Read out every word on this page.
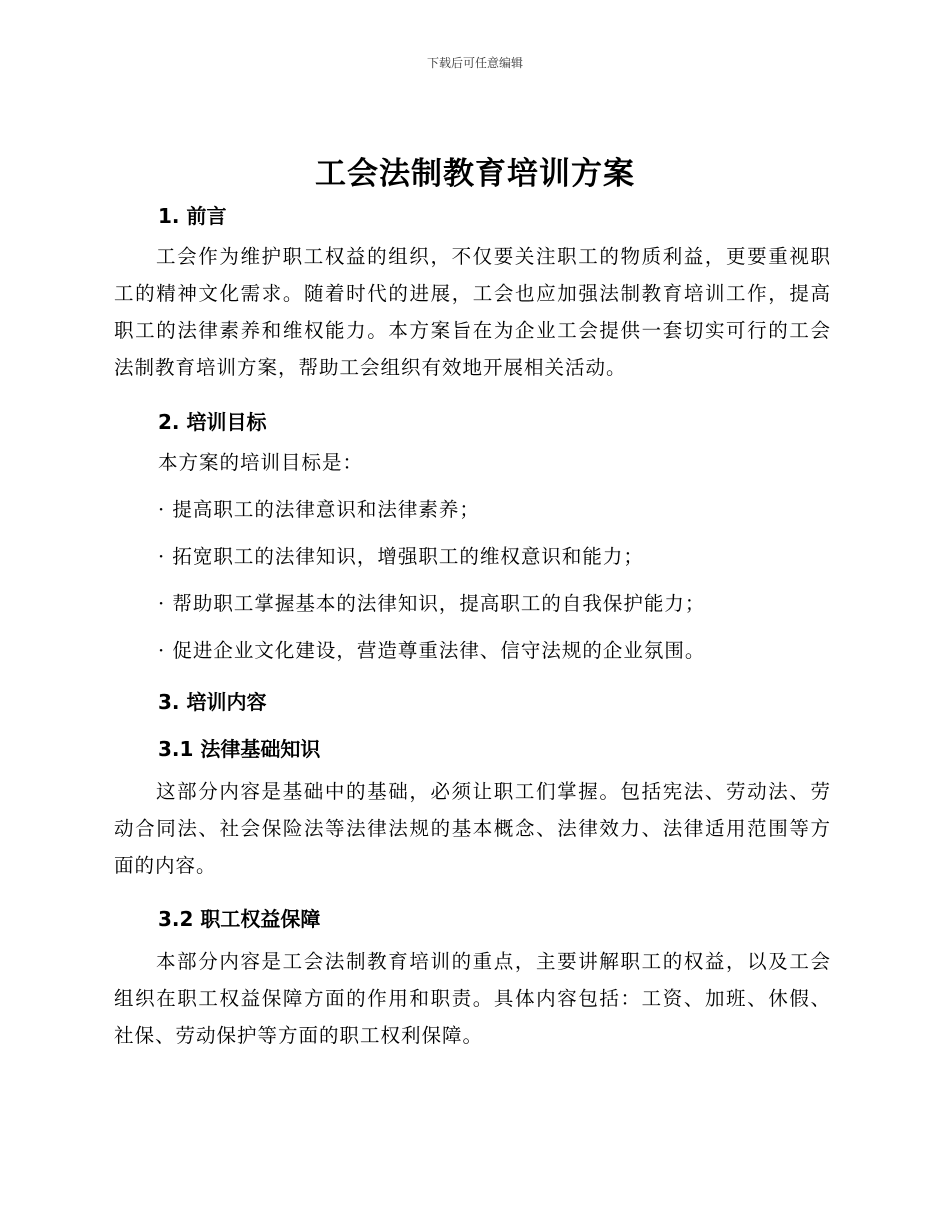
下载后可任意编辑
工会法制教育培训方案
1. 前言

工会作为维护职工权益的组织，不仅要关注职工的物质利益，更要重视职工的精神文化需求。随着时代的进展，工会也应加强法制教育培训工作，提高职工的法律素养和维权能力。本方案旨在为企业工会提供一套切实可行的工会法制教育培训方案，帮助工会组织有效地开展相关活动。

2. 培训目标

本方案的培训目标是：

· 提高职工的法律意识和法律素养；

· 拓宽职工的法律知识，增强职工的维权意识和能力；

· 帮助职工掌握基本的法律知识，提高职工的自我保护能力；

· 促进企业文化建设，营造尊重法律、信守法规的企业氛围。

3. 培训内容
3.1 法律基础知识

这部分内容是基础中的基础，必须让职工们掌握。包括宪法、劳动法、劳动合同法、社会保险法等法律法规的基本概念、法律效力、法律适用范围等方面的内容。

3.2 职工权益保障

本部分内容是工会法制教育培训的重点，主要讲解职工的权益，以及工会组织在职工权益保障方面的作用和职责。具体内容包括：工资、加班、休假、社保、劳动保护等方面的职工权利保障。
